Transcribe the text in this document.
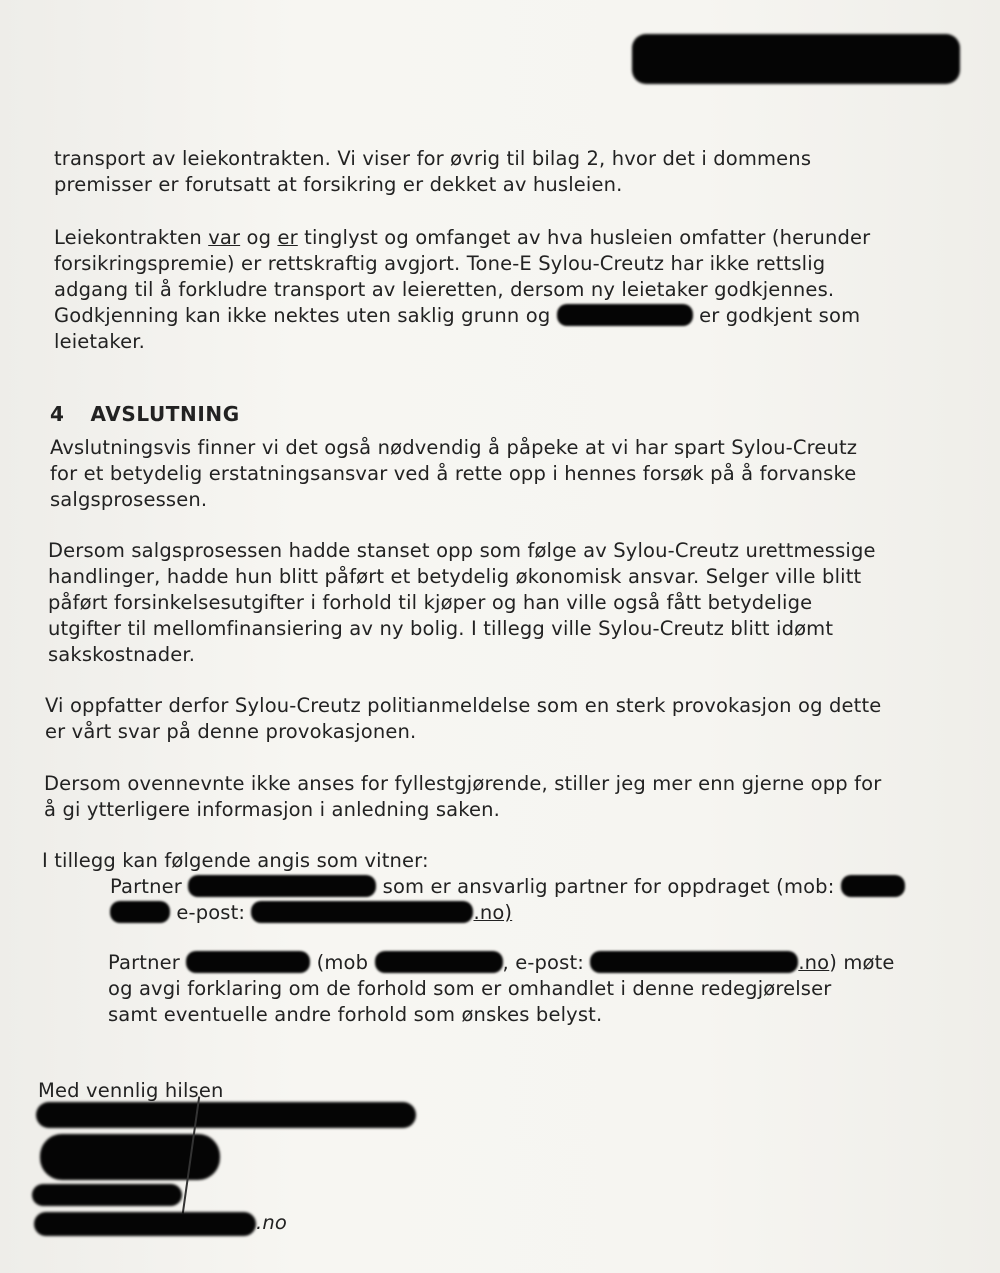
transport av leiekontrakten. Vi viser for øvrig til bilag 2, hvor det i dommens
premisser er forutsatt at forsikring er dekket av husleien.
Leiekontrakten var og er tinglyst og omfanget av hva husleien omfatter (herunder
forsikringspremie) er rettskraftig avgjort. Tone-E Sylou-Creutz har ikke rettslig
adgang til å forkludre transport av leieretten, dersom ny leietaker godkjennes.
Godkjenning kan ikke nektes uten saklig grunn og	er godkjent som
leietaker.
4 AVSLUTNING
Avslutningsvis finner vi det også nødvendig å påpeke at vi har spart Sylou-Creutz
for et betydelig erstatningsansvar ved å rette opp i hennes forsøk på å forvanske
salgsprosessen.
Dersom salgsprosessen hadde stanset opp som følge av Sylou-Creutz urettmessige
handlinger, hadde hun blitt påført et betydelig økonomisk ansvar. Selger ville blitt
påført forsinkelsesutgifter i forhold til kjøper og han ville også fått betydelige
utgifter til mellomfinansiering av ny bolig. I tillegg ville Sylou-Creutz blitt idømt
sakskostnader.
Vi oppfatter derfor Sylou-Creutz politianmeldelse som en sterk provokasjon og dette
er vårt svar på denne provokasjonen.
Dersom ovennevnte ikke anses for fyllestgjørende, stiller jeg mer enn gjerne opp for
å gi ytterligere informasjon i anledning saken.
I tillegg kan følgende angis som vitner:
Partner	som er ansvarlig partner for oppdraget (mob:
e-post:	.no)
Partner	(mob	, e-post:	.no) møte
og avgi forklaring om de forhold som er omhandlet i denne redegjørelser
samt eventuelle andre forhold som ønskes belyst.
Med vennlig hilsen
.no
